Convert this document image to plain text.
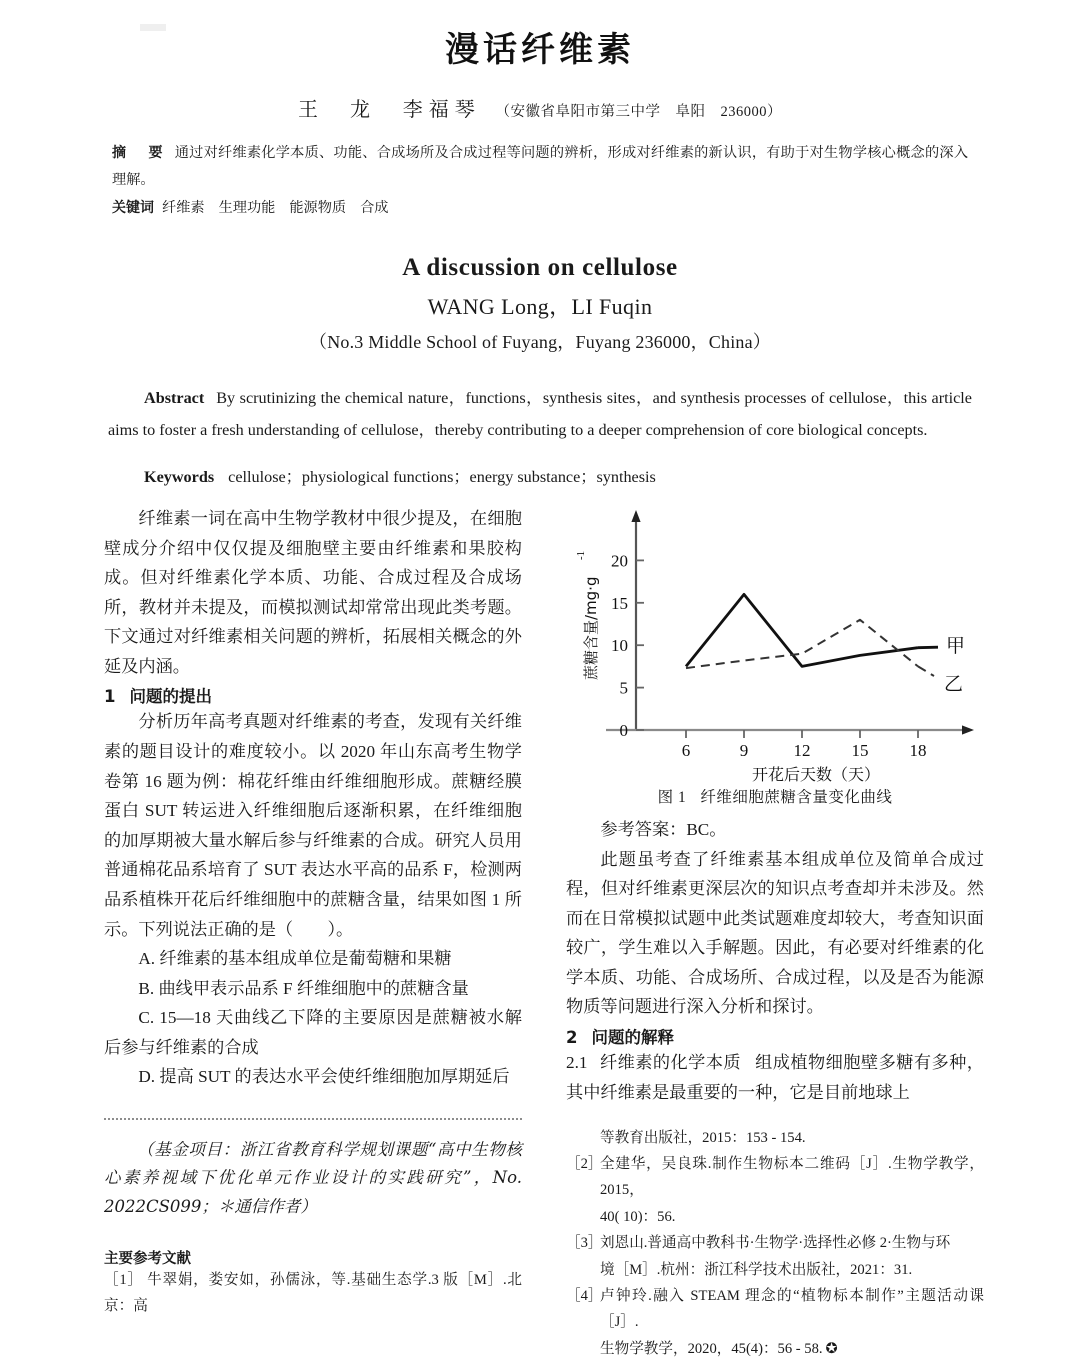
漫话纤维素
王　龙 李福琴 （安徽省阜阳市第三中学　阜阳　236000）
摘　要 通过对纤维素化学本质、功能、合成场所及合成过程等问题的辨析，形成对纤维素的新认识，有助于对生物学核心概念的深入理解。
关键词 纤维素 生理功能 能源物质 合成
A discussion on cellulose
WANG Long，LI Fuqin
（No.3 Middle School of Fuyang，Fuyang 236000，China）
Abstract By scrutinizing the chemical nature，functions，synthesis sites，and synthesis processes of cellulose，this article aims to foster a fresh understanding of cellulose，thereby contributing to a deeper comprehension of core biological concepts.
Keywords cellulose；physiological functions；energy substance；synthesis

纤维素一词在高中生物学教材中很少提及，在细胞壁成分介绍中仅仅提及细胞壁主要由纤维素和果胶构成。但对纤维素化学本质、功能、合成过程及合成场所，教材并未提及，而模拟测试却常常出现此类考题。下文通过对纤维素相关问题的辨析，拓展相关概念的外延及内涵。

1 问题的提出

分析历年高考真题对纤维素的考查，发现有关纤维素的题目设计的难度较小。以 2020 年山东高考生物学卷第 16 题为例：棉花纤维由纤维细胞形成。蔗糖经膜蛋白 SUT 转运进入纤维细胞后逐渐积累，在纤维细胞的加厚期被大量水解后参与纤维素的合成。研究人员用普通棉花品系培育了 SUT 表达水平高的品系 F，检测两品系植株开花后纤维细胞中的蔗糖含量，结果如图 1 所示。下列说法正确的是（　　）。

A. 纤维素的基本组成单位是葡萄糖和果糖

B. 曲线甲表示品系 F 纤维细胞中的蔗糖含量

C. 15—18 天曲线乙下降的主要原因是蔗糖被水解后参与纤维素的合成

D. 提高 SUT 的表达水平会使纤维细胞加厚期延后

0
5
10
15
20
6	9	12 15 18
蔗糖含量/mg·g
-1
开花后天数（天）
甲
乙
图 1 纤维细胞蔗糖含量变化曲线

参考答案：BC。

此题虽考查了纤维素基本组成单位及简单合成过程，但对纤维素更深层次的知识点考查却并未涉及。然而在日常模拟试题中此类试题难度却较大，考查知识面较广，学生难以入手解题。因此，有必要对纤维素的化学本质、功能、合成场所、合成过程，以及是否为能源物质等问题进行深入分析和探讨。

2 问题的解释

2.1 纤维素的化学本质 组成植物细胞壁多糖有多种，其中纤维素是最重要的一种，它是目前地球上

（基金项目：浙江省教育科学规划课题“高中生物核心素养视域下优化单元作业设计的实践研究”，No. 2022CS099；＊通信作者）
主要参考文献
［1］ 牛翠娟，娄安如，孙儒泳，等.基础生态学.3 版［M］.北京：高
等教育出版社，2015：153 - 154.
［2］
全建华，吴良珠.制作生物标本二维码［J］.生物学教学，2015，
40( 10)：56.
［3］
刘恩山.普通高中教科书·生物学·选择性必修 2·生物与环
境［M］.杭州：浙江科学技术出版社，2021：31.
［4］
卢钟玲.融入 STEAM 理念的“植物标本制作”主题活动课［J］.
生物学教学，2020，45(4)：56 - 58. ✪
